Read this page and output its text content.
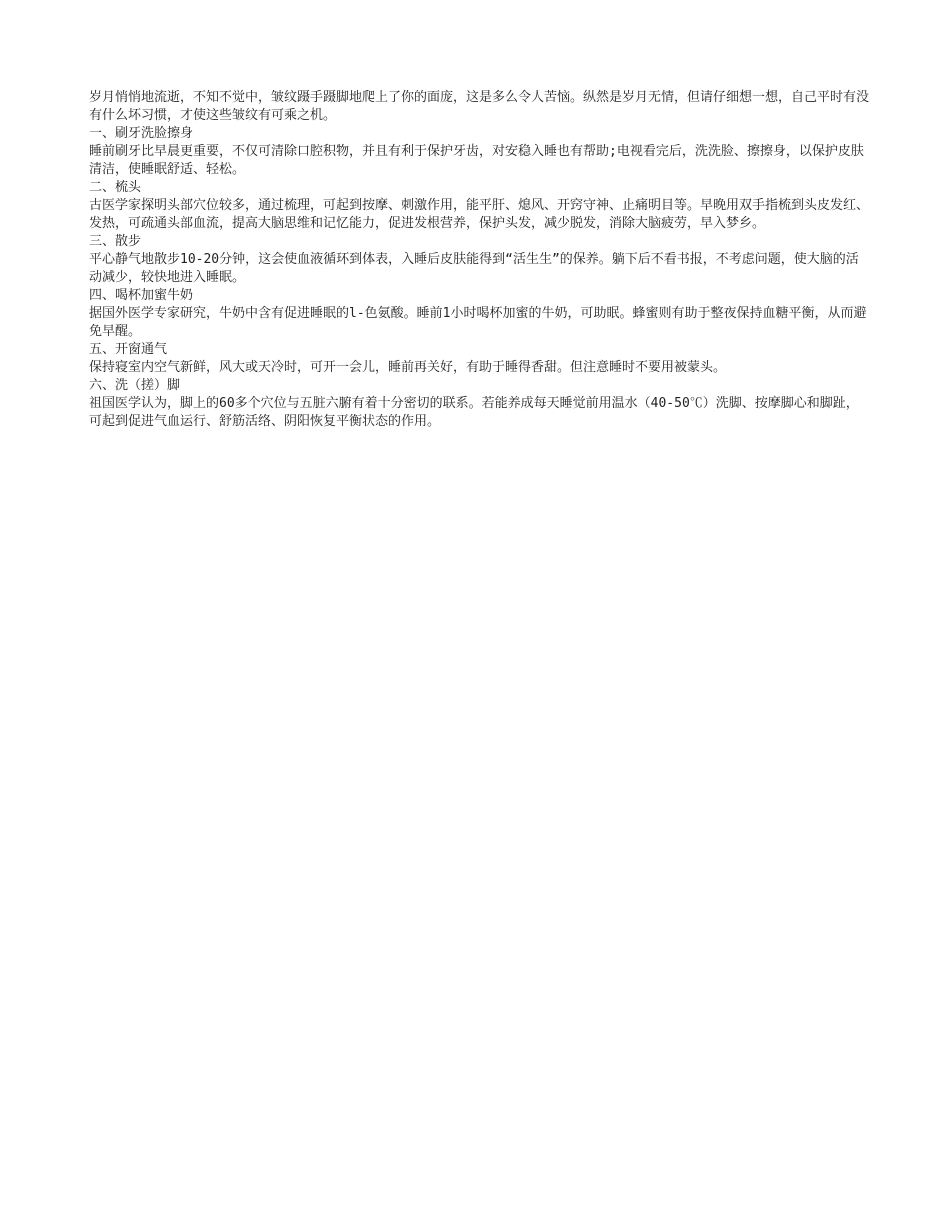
岁月悄悄地流逝，不知不觉中，皱纹蹑手蹑脚地爬上了你的面庞，这是多么令人苦恼。纵然是岁月无情，但请仔细想一想，自己平时有没有什么坏习惯，才使这些皱纹有可乘之机。

一、刷牙洗脸擦身

睡前刷牙比早晨更重要，不仅可清除口腔积物，并且有利于保护牙齿，对安稳入睡也有帮助;电视看完后，洗洗脸、擦擦身，以保护皮肤清洁，使睡眠舒适、轻松。

二、梳头

古医学家探明头部穴位较多，通过梳理，可起到按摩、刺激作用，能平肝、熄风、开窍守神、止痛明目等。早晚用双手指梳到头皮发红、发热，可疏通头部血流，提高大脑思维和记忆能力，促进发根营养，保护头发，减少脱发，消除大脑疲劳，早入梦乡。

三、散步

平心静气地散步10-20分钟，这会使血液循环到体表，入睡后皮肤能得到“活生生”的保养。躺下后不看书报，不考虑问题，使大脑的活动减少，较快地进入睡眠。

四、喝杯加蜜牛奶

据国外医学专家研究，牛奶中含有促进睡眠的l-色氨酸。睡前1小时喝杯加蜜的牛奶，可助眠。蜂蜜则有助于整夜保持血糖平衡，从而避免早醒。

五、开窗通气

保持寝室内空气新鲜，风大或天冷时，可开一会儿，睡前再关好，有助于睡得香甜。但注意睡时不要用被蒙头。

六、洗（搓）脚

祖国医学认为，脚上的60多个穴位与五脏六腑有着十分密切的联系。若能养成每天睡觉前用温水（40-50℃）洗脚、按摩脚心和脚趾，可起到促进气血运行、舒筋活络、阴阳恢复平衡状态的作用。
